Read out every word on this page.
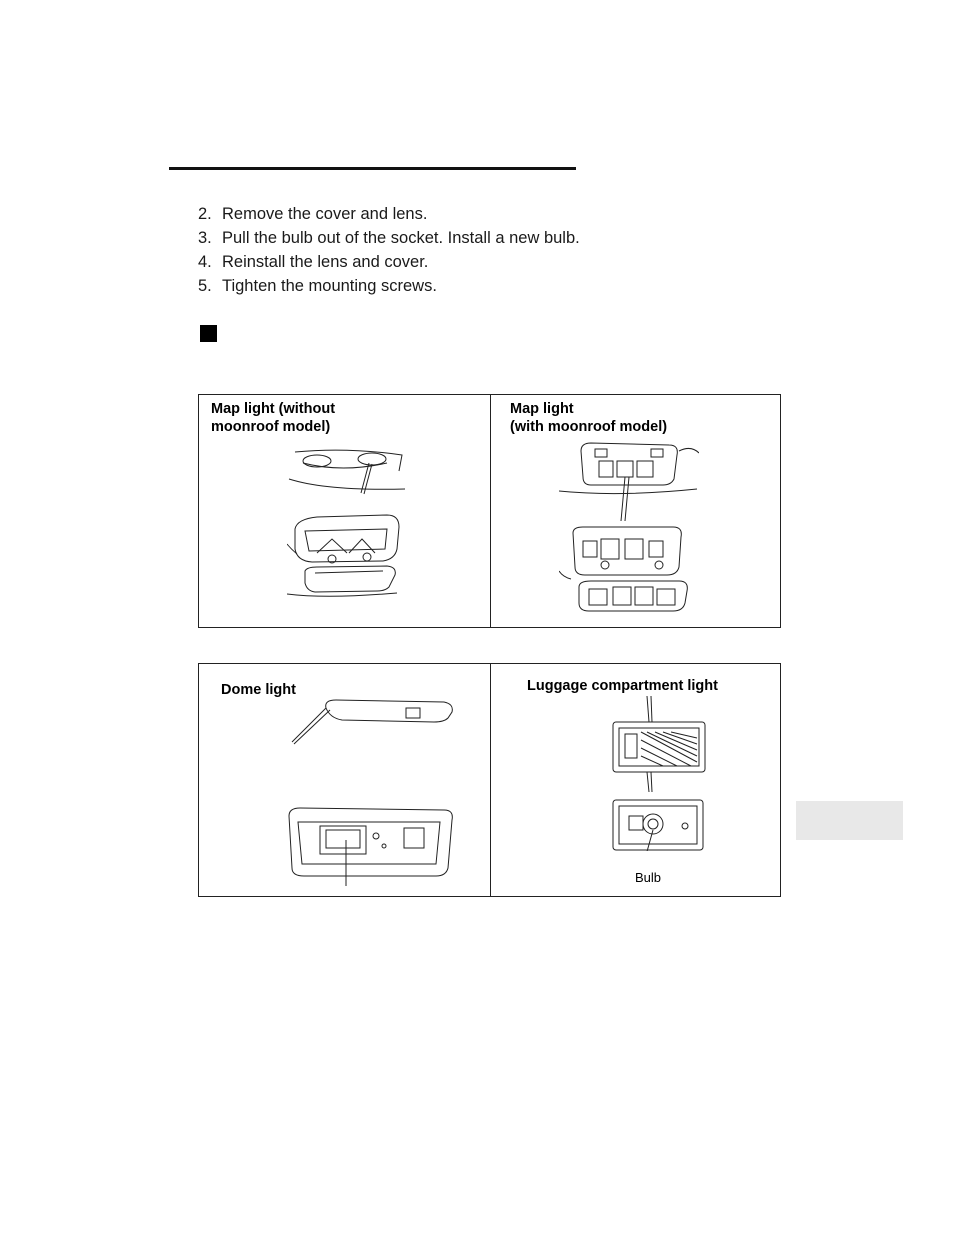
2. Remove the cover and lens.
3. Pull the bulb out of the socket. Install a new bulb.
4. Reinstall the lens and cover.
5. Tighten the mounting screws.
Map light (without
moonroof model)
Map light
(with moonroof model)
Dome light	Luggage compartment light
Bulb
